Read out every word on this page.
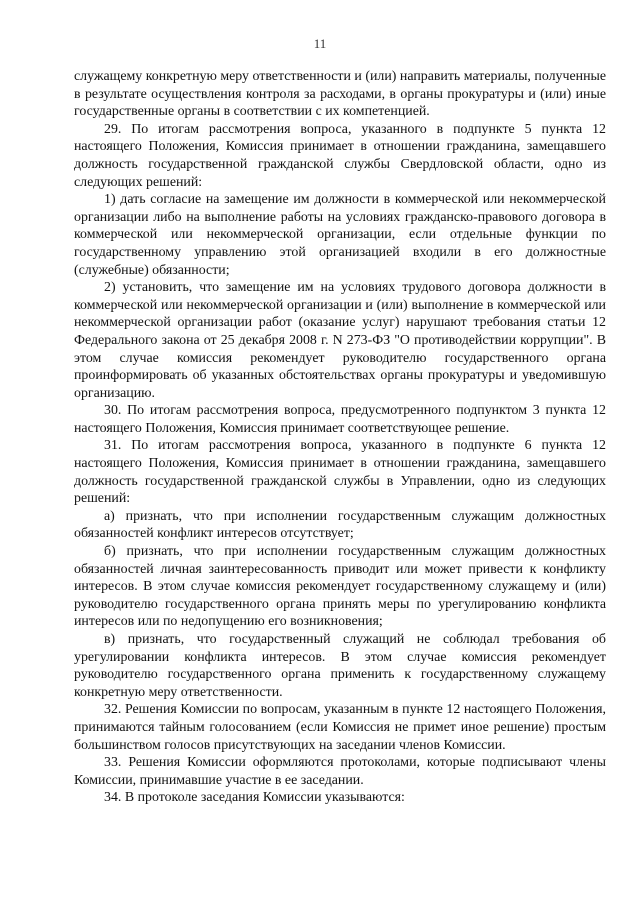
11

служащему конкретную меру ответственности и (или) направить материалы, полученные в результате осуществления контроля за расходами, в органы прокуратуры и (или) иные государственные органы в соответствии с их компетенцией.

29. По итогам рассмотрения вопроса, указанного в подпункте 5 пункта 12 настоящего Положения, Комиссия принимает в отношении гражданина, замещавшего должность государственной гражданской службы Свердловской области, одно из следующих решений:

1) дать согласие на замещение им должности в коммерческой или некоммерческой организации либо на выполнение работы на условиях гражданско-правового договора в коммерческой или некоммерческой организации, если отдельные функции по государственному управлению этой организацией входили в его должностные (служебные) обязанности;

2) установить, что замещение им на условиях трудового договора должности в коммерческой или некоммерческой организации и (или) выполнение в коммерческой или некоммерческой организации работ (оказание услуг) нарушают требования статьи 12 Федерального закона от 25 декабря 2008 г. N 273-ФЗ "О противодействии коррупции". В этом случае комиссия рекомендует руководителю государственного органа проинформировать об указанных обстоятельствах органы прокуратуры и уведомившую организацию.

30. По итогам рассмотрения вопроса, предусмотренного подпунктом 3 пункта 12 настоящего Положения, Комиссия принимает соответствующее решение.

31. По итогам рассмотрения вопроса, указанного в подпункте 6 пункта 12 настоящего Положения, Комиссия принимает в отношении гражданина, замещавшего должность государственной гражданской службы в Управлении, одно из следующих решений:

а) признать, что при исполнении государственным служащим должностных обязанностей конфликт интересов отсутствует;

б) признать, что при исполнении государственным служащим должностных обязанностей личная заинтересованность приводит или может привести к конфликту интересов. В этом случае комиссия рекомендует государственному служащему и (или) руководителю государственного органа принять меры по урегулированию конфликта интересов или по недопущению его возникновения;

в) признать, что государственный служащий не соблюдал требования об урегулировании конфликта интересов. В этом случае комиссия рекомендует руководителю государственного органа применить к государственному служащему конкретную меру ответственности.

32. Решения Комиссии по вопросам, указанным в пункте 12 настоящего Положения, принимаются тайным голосованием (если Комиссия не примет иное решение) простым большинством голосов присутствующих на заседании членов Комиссии.

33. Решения Комиссии оформляются протоколами, которые подписывают члены Комиссии, принимавшие участие в ее заседании.

34. В протоколе заседания Комиссии указываются:
